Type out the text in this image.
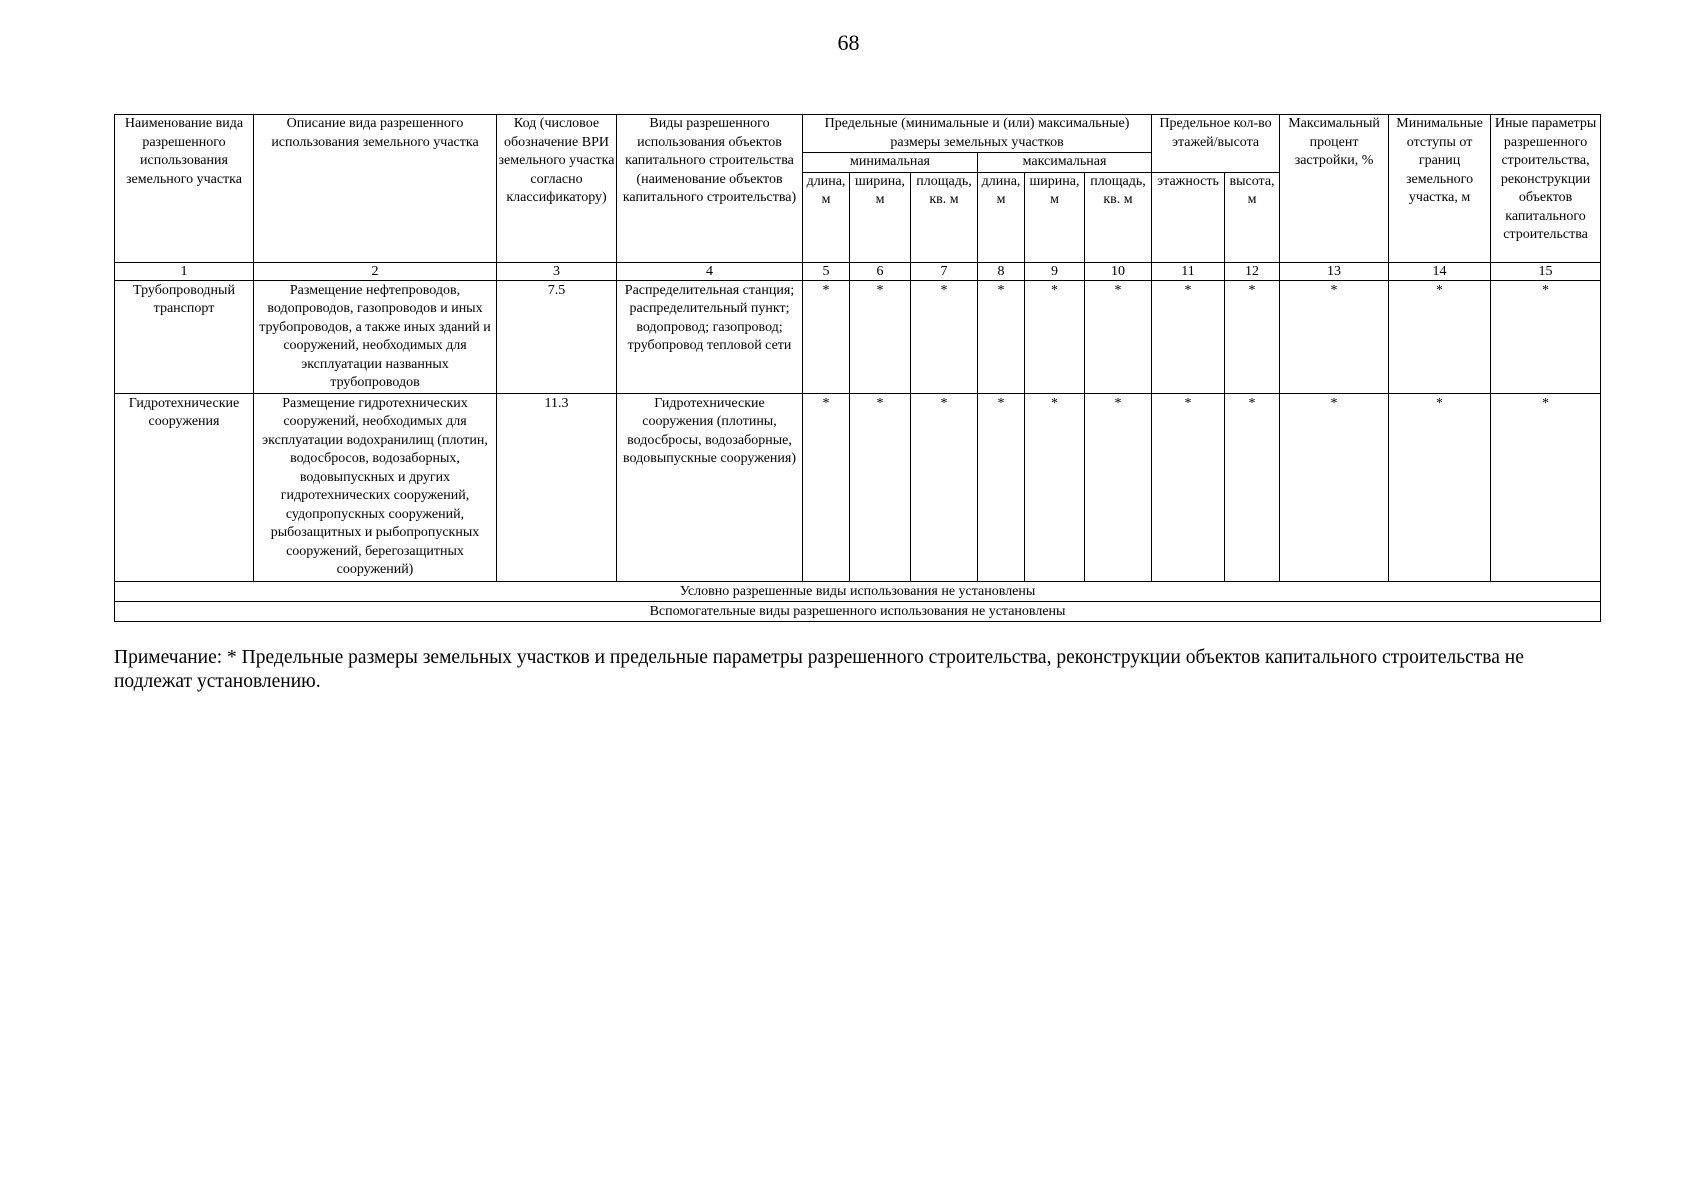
68
Наименование вида разрешенного использования земельного участка	Описание вида разрешенного использования земельного участка	Код (числовое обозначение ВРИ земельного участка согласно классификатору)	Виды разрешенного использования объектов капитального строительства (наименование объектов капитального строительства)	Предельные (минимальные и (или) максимальные) размеры земельных участков						Предельное кол-во этажей/высота		Максимальный процент застройки, %	Минимальные отступы от границ земельного участка, м	Иные параметры разрешенного строительства, реконструкции объектов капитального строительства
				минимальная			максимальная							
				длина, м	ширина, м	площадь, кв. м	длина, м	ширина, м	площадь, кв. м	этажность	высота, м			
1	2	3	4	5	6	7	8	9	10	11	12	13	14	15
Трубопроводный транспорт	Размещение нефтепроводов, водопроводов, газопроводов и иных трубопроводов, а также иных зданий и сооружений, необходимых для эксплуатации названных трубопроводов	7.5	Распределительная станция; распределительный пункт; водопровод; газопровод; трубопровод тепловой сети	*	*	*	*	*	*	*	*	*	*	*
Гидротехнические сооружения	Размещение гидротехнических сооружений, необходимых для эксплуатации водохранилищ (плотин, водосбросов, водозаборных, водовыпускных и других гидротехнических сооружений, судопропускных сооружений, рыбозащитных и рыбопропускных сооружений, берегозащитных сооружений)	11.3	Гидротехнические сооружения (плотины, водосбросы, водозаборные, водовыпускные сооружения)	*	*	*	*	*	*	*	*	*	*	*
Условно разрешенные виды использования не установлены														
Вспомогательные виды разрешенного использования не установлены														
Примечание: * Предельные размеры земельных участков и предельные параметры разрешенного строительства, реконструкции объектов капитального строительства не подлежат установлению.
